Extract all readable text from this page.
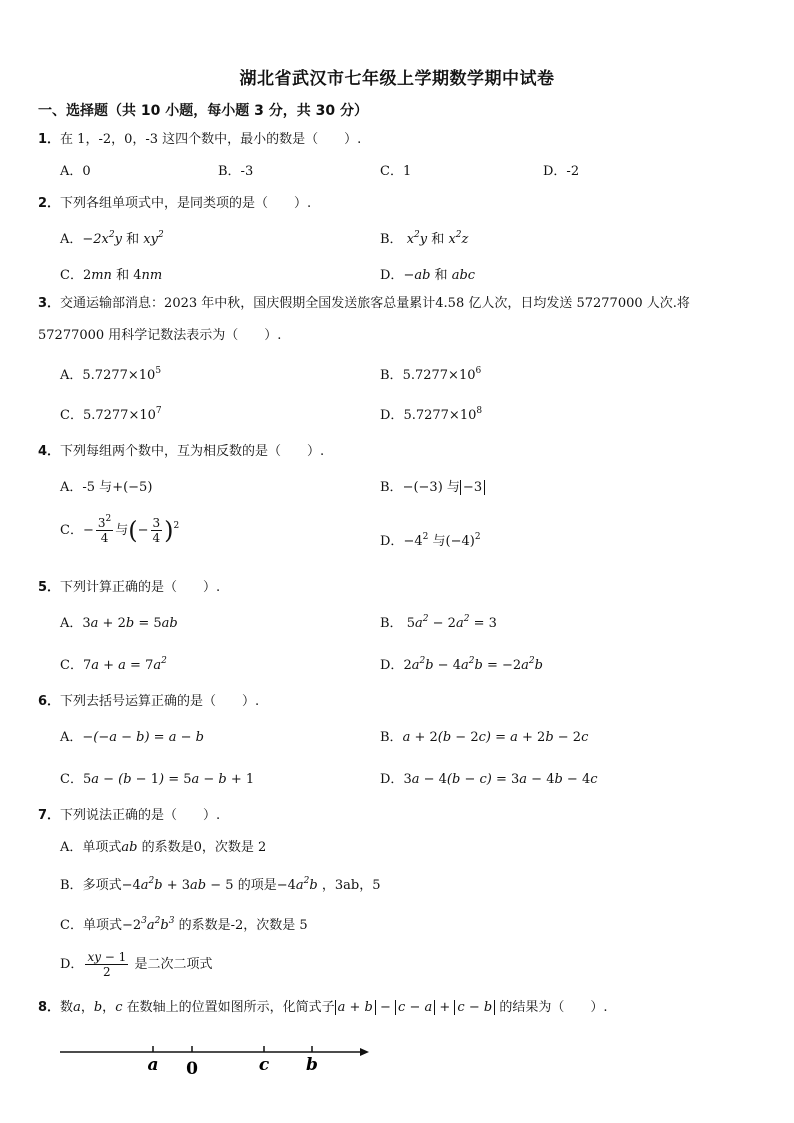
湖北省武汉市七年级上学期数学期中试卷
一、选择题（共 10 小题，每小题 3 分，共 30 分）
1．在 1，-2，0，-3 这四个数中，最小的数是（　　）.
A．0	B．-3	C．1	D．-2
2．下列各组单项式中，是同类项的是（　　）.
A．$-2x^2y$ 和 $xy^2$	B． $x^2y$ 和 $x^2z$
C．2mn 和 4nm	D．−ab 和 abc
3．交通运输部消息：2023 年中秋，国庆假期全国发送旅客总量累计4.58 亿人次，日均发送 57277000 人次.将
57277000 用科学记数法表示为（　　）.
A．$5.7277\times 10^5$	B．$5.7277\times 10^6$
C．$5.7277\times 10^7$	D．$5.7277\times 10^8$
4．下列每组两个数中，互为相反数的是（　　）.
A．-5 与+(−5)	B．−(−3) 与 −3
C．− $\frac{3^2}{4}$ 与(− $\frac{3}{4} )^2$
D．$-4^2$ 与$(-4)^2$
5．下列计算正确的是（　　）.
A．3a + 2b = 5ab	B． $5a^2 - 2a^2 = 3$
C．$7a + a = 7a^2$	D．$2a^2b - 4a^2b = -2a^2b$
6．下列去括号运算正确的是（　　）.
A．−(−a − b) = a − b	B．a + 2(b − 2c) = a + 2b − 2c
C．5a − (b − 1) = 5a − b + 1	D．3a − 4(b − c) = 3a − 4b − 4c
7．下列说法正确的是（　　）.
A．单项式ab 的系数是0，次数是 2
B．多项式$-4a^2b + 3ab - 5$ 的项是$-4a^2b$ ，3ab，5
C．单项式$-2^3a^2b^3$ 的系数是-2，次数是 5
D． $\frac{xy - 1}{2}$ 是二次二项式
8．数a，b，c 在数轴上的位置如图所示，化简式子 a + b − c − a + c − b 的结果为（　　）.
a 0	c b
